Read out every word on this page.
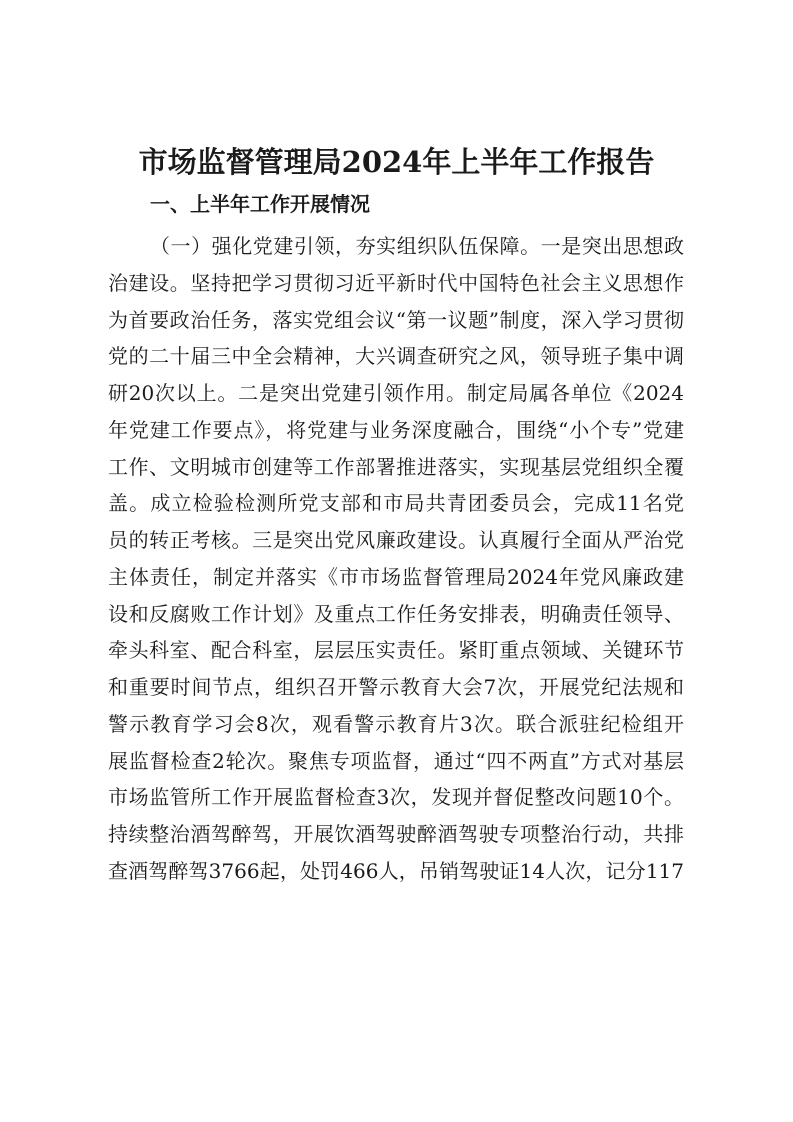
市场监督管理局2024年上半年工作报告
一、上半年工作开展情况
（一）强化党建引领，夯实组织队伍保障。一是突出思想政
治建设。坚持把学习贯彻习近平新时代中国特色社会主义思想作
为首要政治任务，落实党组会议“第一议题”制度，深入学习贯彻
党的二十届三中全会精神，大兴调查研究之风，领导班子集中调
研20次以上。二是突出党建引领作用。制定局属各单位《2024
年党建工作要点》，将党建与业务深度融合，围绕“小个专”党建
工作、文明城市创建等工作部署推进落实，实现基层党组织全覆
盖。成立检验检测所党支部和市局共青团委员会，完成11名党
员的转正考核。三是突出党风廉政建设。认真履行全面从严治党
主体责任，制定并落实《市市场监督管理局2024年党风廉政建
设和反腐败工作计划》及重点工作任务安排表，明确责任领导、
牵头科室、配合科室，层层压实责任。紧盯重点领域、关键环节
和重要时间节点，组织召开警示教育大会7次，开展党纪法规和
警示教育学习会8次，观看警示教育片3次。联合派驻纪检组开
展监督检查2轮次。聚焦专项监督，通过“四不两直”方式对基层
市场监管所工作开展监督检查3次，发现并督促整改问题10个。
持续整治酒驾醉驾，开展饮酒驾驶醉酒驾驶专项整治行动，共排
查酒驾醉驾3766起，处罚466人，吊销驾驶证14人次，记分117
